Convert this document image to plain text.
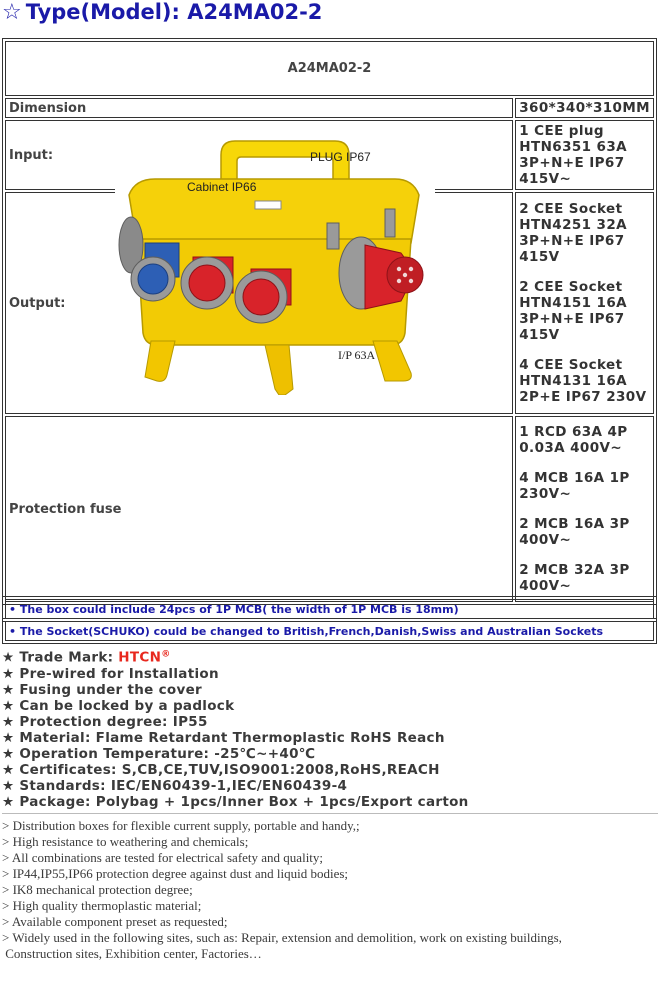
☆ Type(Model): A24MA02-2
A24MA02-2	
Dimension	360*340*310MM
Input:	1 CEE plug HTN6351 63A 3P+N+E IP67 415V~
Output:	2 CEE Socket HTN4251 32A 3P+N+E IP67 415V

2 CEE Socket HTN4151 16A 3P+N+E IP67 415V

4 CEE Socket HTN4131 16A 2P+E IP67 230V

Protection fuse	1 RCD 63A 4P 0.03A 400V~

4 MCB 16A 1P 230V~

2 MCB 16A 3P 400V~

2 MCB 32A 3P 400V~

PLUG IP67
Cabinet IP66
I/P 63A
• The box could include 24pcs of 1P MCB( the width of 1P MCB is 18mm)
• The Socket(SCHUKO) could be changed to British,French,Danish,Swiss and Australian Sockets
★ Trade Mark: HTCN®
★ Pre-wired for Installation
★ Fusing under the cover
★ Can be locked by a padlock
★ Protection degree: IP55
★ Material: Flame Retardant Thermoplastic RoHS Reach
★ Operation Temperature: -25℃~+40℃
★ Certificates: S,CB,CE,TUV,ISO9001:2008,RoHS,REACH
★ Standards: IEC/EN60439-1,IEC/EN60439-4
★ Package: Polybag + 1pcs/Inner Box + 1pcs/Export carton
> Distribution boxes for flexible current supply, portable and handy,;
> High resistance to weathering and chemicals;
> All combinations are tested for electrical safety and quality;
> IP44,IP55,IP66 protection degree against dust and liquid bodies;
> IK8 mechanical protection degree;
> High quality thermoplastic material;
> Available component preset as requested;
> Widely used in the following sites, such as: Repair, extension and demolition, work on existing buildings,
Construction sites, Exhibition center, Factories…
